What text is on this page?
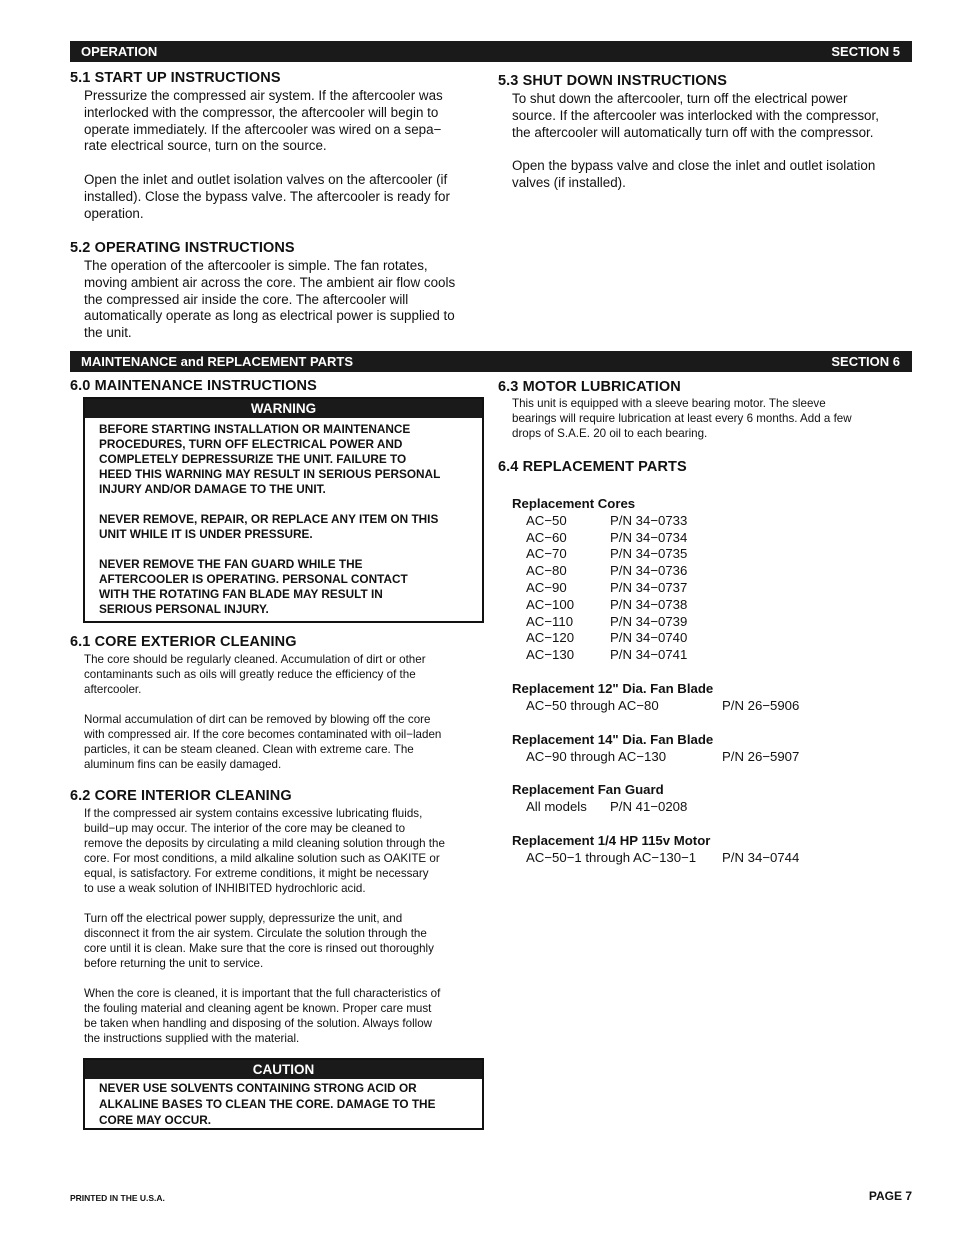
OPERATION	SECTION 5
5.1 START UP INSTRUCTIONS

Pressurize the compressed air system. If the aftercooler was
interlocked with the compressor, the aftercooler will begin to
operate immediately. If the aftercooler was wired on a sepa−
rate electrical source, turn on the source.

Open the inlet and outlet isolation valves on the aftercooler (if
installed). Close the bypass valve. The aftercooler is ready for
operation.

5.2 OPERATING INSTRUCTIONS

The operation of the aftercooler is simple. The fan rotates,
moving ambient air across the core. The ambient air flow cools
the compressed air inside the core. The aftercooler will
automatically operate as long as electrical power is supplied to
the unit.

5.3 SHUT DOWN INSTRUCTIONS

To shut down the aftercooler, turn off the electrical power
source. If the aftercooler was interlocked with the compressor,
the aftercooler will automatically turn off with the compressor.

Open the bypass valve and close the inlet and outlet isolation
valves (if installed).

MAINTENANCE and REPLACEMENT PARTS	SECTION 6
6.0 MAINTENANCE INSTRUCTIONS
WARNING
BEFORE STARTING INSTALLATION OR MAINTENANCE
PROCEDURES, TURN OFF ELECTRICAL POWER AND
COMPLETELY DEPRESSURIZE THE UNIT. FAILURE TO
HEED THIS WARNING MAY RESULT IN SERIOUS PERSONAL
INJURY AND/OR DAMAGE TO THE UNIT.
NEVER REMOVE, REPAIR, OR REPLACE ANY ITEM ON THIS
UNIT WHILE IT IS UNDER PRESSURE.
NEVER REMOVE THE FAN GUARD WHILE THE
AFTERCOOLER IS OPERATING. PERSONAL CONTACT
WITH THE ROTATING FAN BLADE MAY RESULT IN
SERIOUS PERSONAL INJURY.
6.1 CORE EXTERIOR CLEANING

The core should be regularly cleaned. Accumulation of dirt or other
contaminants such as oils will greatly reduce the efficiency of the
aftercooler.

Normal accumulation of dirt can be removed by blowing off the core
with compressed air. If the core becomes contaminated with oil−laden
particles, it can be steam cleaned. Clean with extreme care. The
aluminum fins can be easily damaged.

6.2 CORE INTERIOR CLEANING

If the compressed air system contains excessive lubricating fluids,
build−up may occur. The interior of the core may be cleaned to
remove the deposits by circulating a mild cleaning solution through the
core. For most conditions, a mild alkaline solution such as OAKITE or
equal, is satisfactory. For extreme conditions, it might be necessary
to use a weak solution of INHIBITED hydrochloric acid.

Turn off the electrical power supply, depressurize the unit, and
disconnect it from the air system. Circulate the solution through the
core until it is clean. Make sure that the core is rinsed out thoroughly
before returning the unit to service.

When the core is cleaned, it is important that the full characteristics of
the fouling material and cleaning agent be known. Proper care must
be taken when handling and disposing of the solution. Always follow
the instructions supplied with the material.

CAUTION
NEVER USE SOLVENTS CONTAINING STRONG ACID OR
ALKALINE BASES TO CLEAN THE CORE. DAMAGE TO THE
CORE MAY OCCUR.
6.3 MOTOR LUBRICATION

This unit is equipped with a sleeve bearing motor. The sleeve
bearings will require lubrication at least every 6 months. Add a few
drops of S.A.E. 20 oil to each bearing.

6.4 REPLACEMENT PARTS
Replacement Cores
AC−50	P/N 34−0733
AC−60	P/N 34−0734
AC−70	P/N 34−0735
AC−80	P/N 34−0736
AC−90	P/N 34−0737
AC−100	P/N 34−0738
AC−110	P/N 34−0739
AC−120	P/N 34−0740
AC−130	P/N 34−0741
Replacement 12" Dia. Fan Blade
AC−50 through AC−80	P/N 26−5906
Replacement 14" Dia. Fan Blade
AC−90 through AC−130	P/N 26−5907
Replacement Fan Guard
All models P/N 41−0208
Replacement 1/4 HP 115v Motor
AC−50−1 through AC−130−1 P/N 34−0744
PRINTED IN THE U.S.A.	PAGE 7
